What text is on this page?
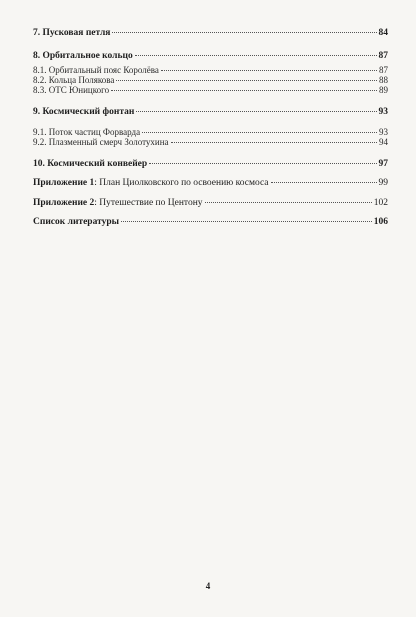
7. Пусковая петля	84
8. Орбитальное кольцо	87
8.1. Орбитальный пояс Королёва	87
8.2. Кольца Полякова	88
8.3. ОТС Юницкого	89
9. Космический фонтан	93
9.1. Поток частиц Форварда	93
9.2. Плазменный смерч Золотухина	94
10. Космический конвейер	97
Приложение 1: План Циолковского по освоению космоса	99
Приложение 2: Путешествие по Центону	102
Список литературы	106
4
